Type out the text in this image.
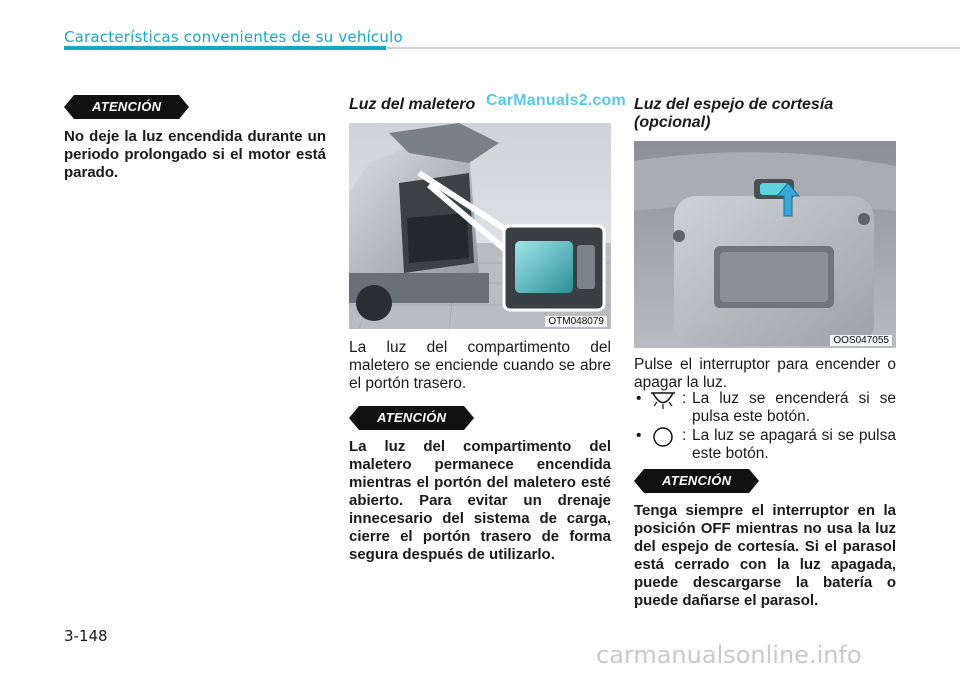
Características convenientes de su vehículo
ATENCIÓN
No deje la luz encendida durante un periodo prolongado si el motor está parado.
Luz del maletero CarManuals2.com
OTM048079
La luz del compartimento del maletero se enciende cuando se abre el portón trasero.
ATENCIÓN
La luz del compartimento del maletero permanece encendida mientras el portón del maletero esté abierto. Para evitar un drenaje innecesario del sistema de carga, cierre el portón trasero de forma segura después de utilizarlo.
Luz del espejo de cortesía (opcional)
OOS047055
Pulse el interruptor para encender o apagar la luz.
•	: La luz se encenderá si se pulsa este botón.
•	: La luz se apagará si se pulsa este botón.
ATENCIÓN
Tenga siempre el interruptor en la posición OFF mientras no usa la luz del espejo de cortesía. Si el parasol está cerrado con la luz apagada, puede descargarse la batería o puede dañarse el parasol.
3-148
carmanualsonline.info
